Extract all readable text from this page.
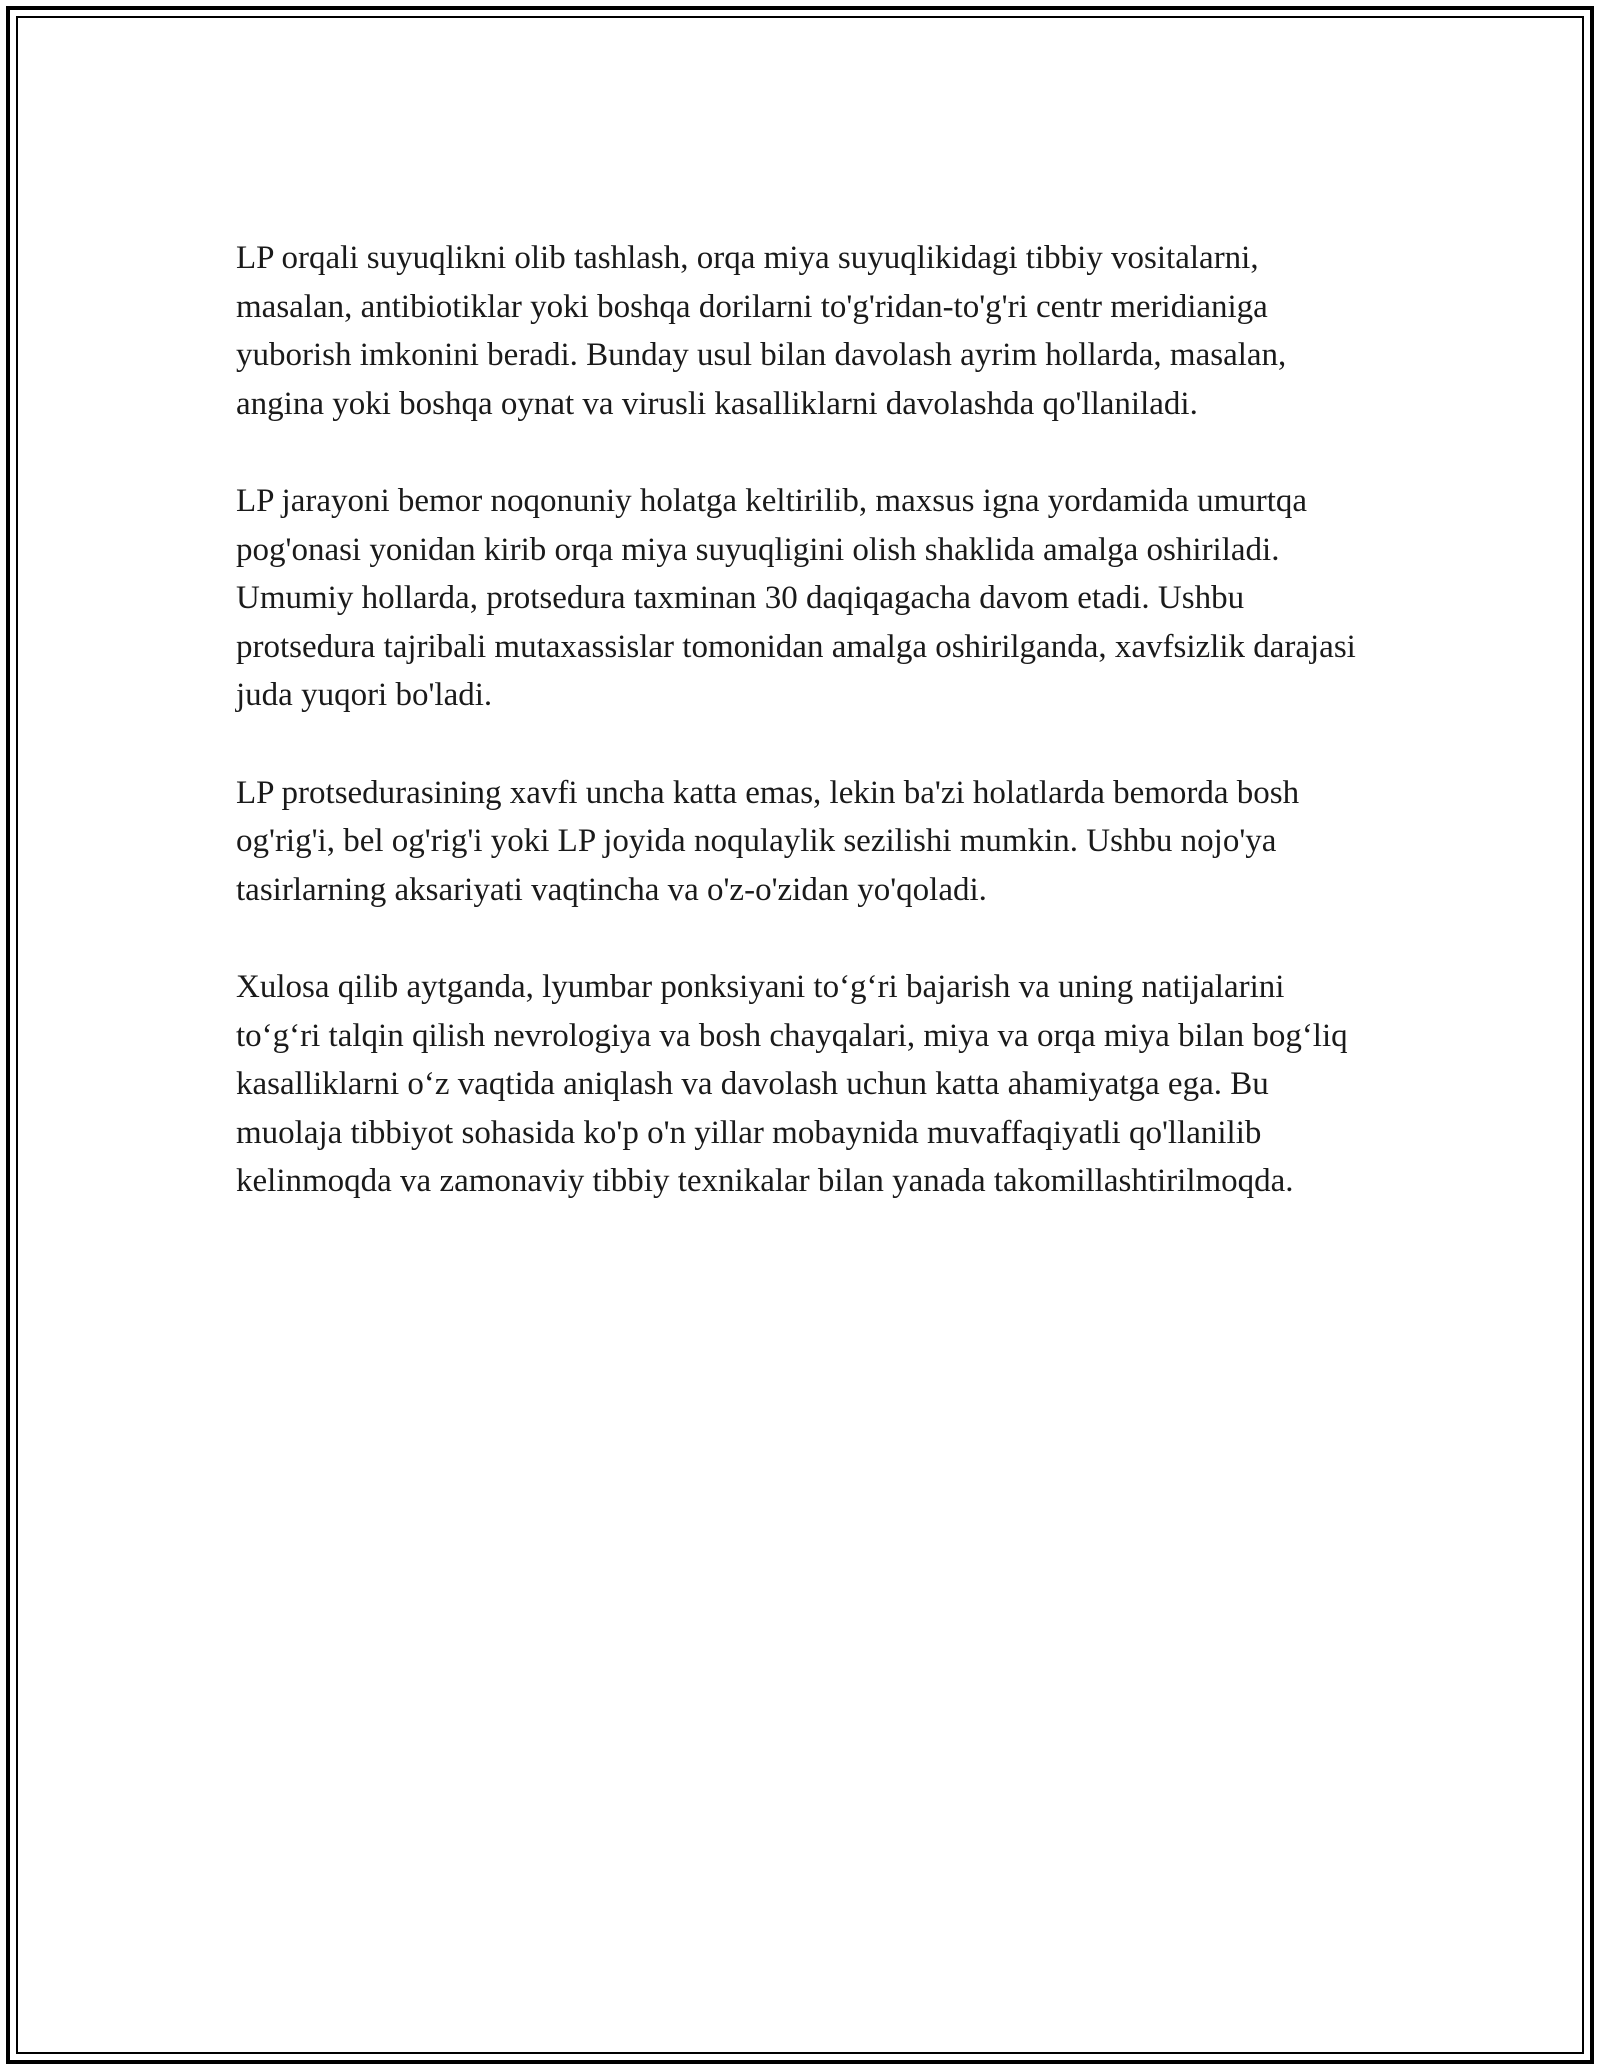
LP orqali suyuqlikni olib tashlash, orqa miya suyuqlikidagi tibbiy vositalarni, masalan, antibiotiklar yoki boshqa dorilarni to'g'ridan-to'g'ri centr meridianiga yuborish imkonini beradi. Bunday usul bilan davolash ayrim hollarda, masalan, angina yoki boshqa oynat va virusli kasalliklarni davolashda qo'llaniladi.

LP jarayoni bemor noqonuniy holatga keltirilib, maxsus igna yordamida umurtqa pog'onasi yonidan kirib orqa miya suyuqligini olish shaklida amalga oshiriladi. Umumiy hollarda, protsedura taxminan 30 daqiqagacha davom etadi. Ushbu protsedura tajribali mutaxassislar tomonidan amalga oshirilganda, xavfsizlik darajasi juda yuqori bo'ladi.

LP protsedurasining xavfi uncha katta emas, lekin ba'zi holatlarda bemorda bosh og'rig'i, bel og'rig'i yoki LP joyida noqulaylik sezilishi mumkin. Ushbu nojo'ya tasirlarning aksariyati vaqtincha va o'z-o'zidan yo'qoladi.

Xulosa qilib aytganda, lyumbar ponksiyani to‘g‘ri bajarish va uning natijalarini to‘g‘ri talqin qilish nevrologiya va bosh chayqalari, miya va orqa miya bilan bog‘liq kasalliklarni o‘z vaqtida aniqlash va davolash uchun katta ahamiyatga ega. Bu muolaja tibbiyot sohasida ko'p o'n yillar mobaynida muvaffaqiyatli qo'llanilib kelinmoqda va zamonaviy tibbiy texnikalar bilan yanada takomillashtirilmoqda.
